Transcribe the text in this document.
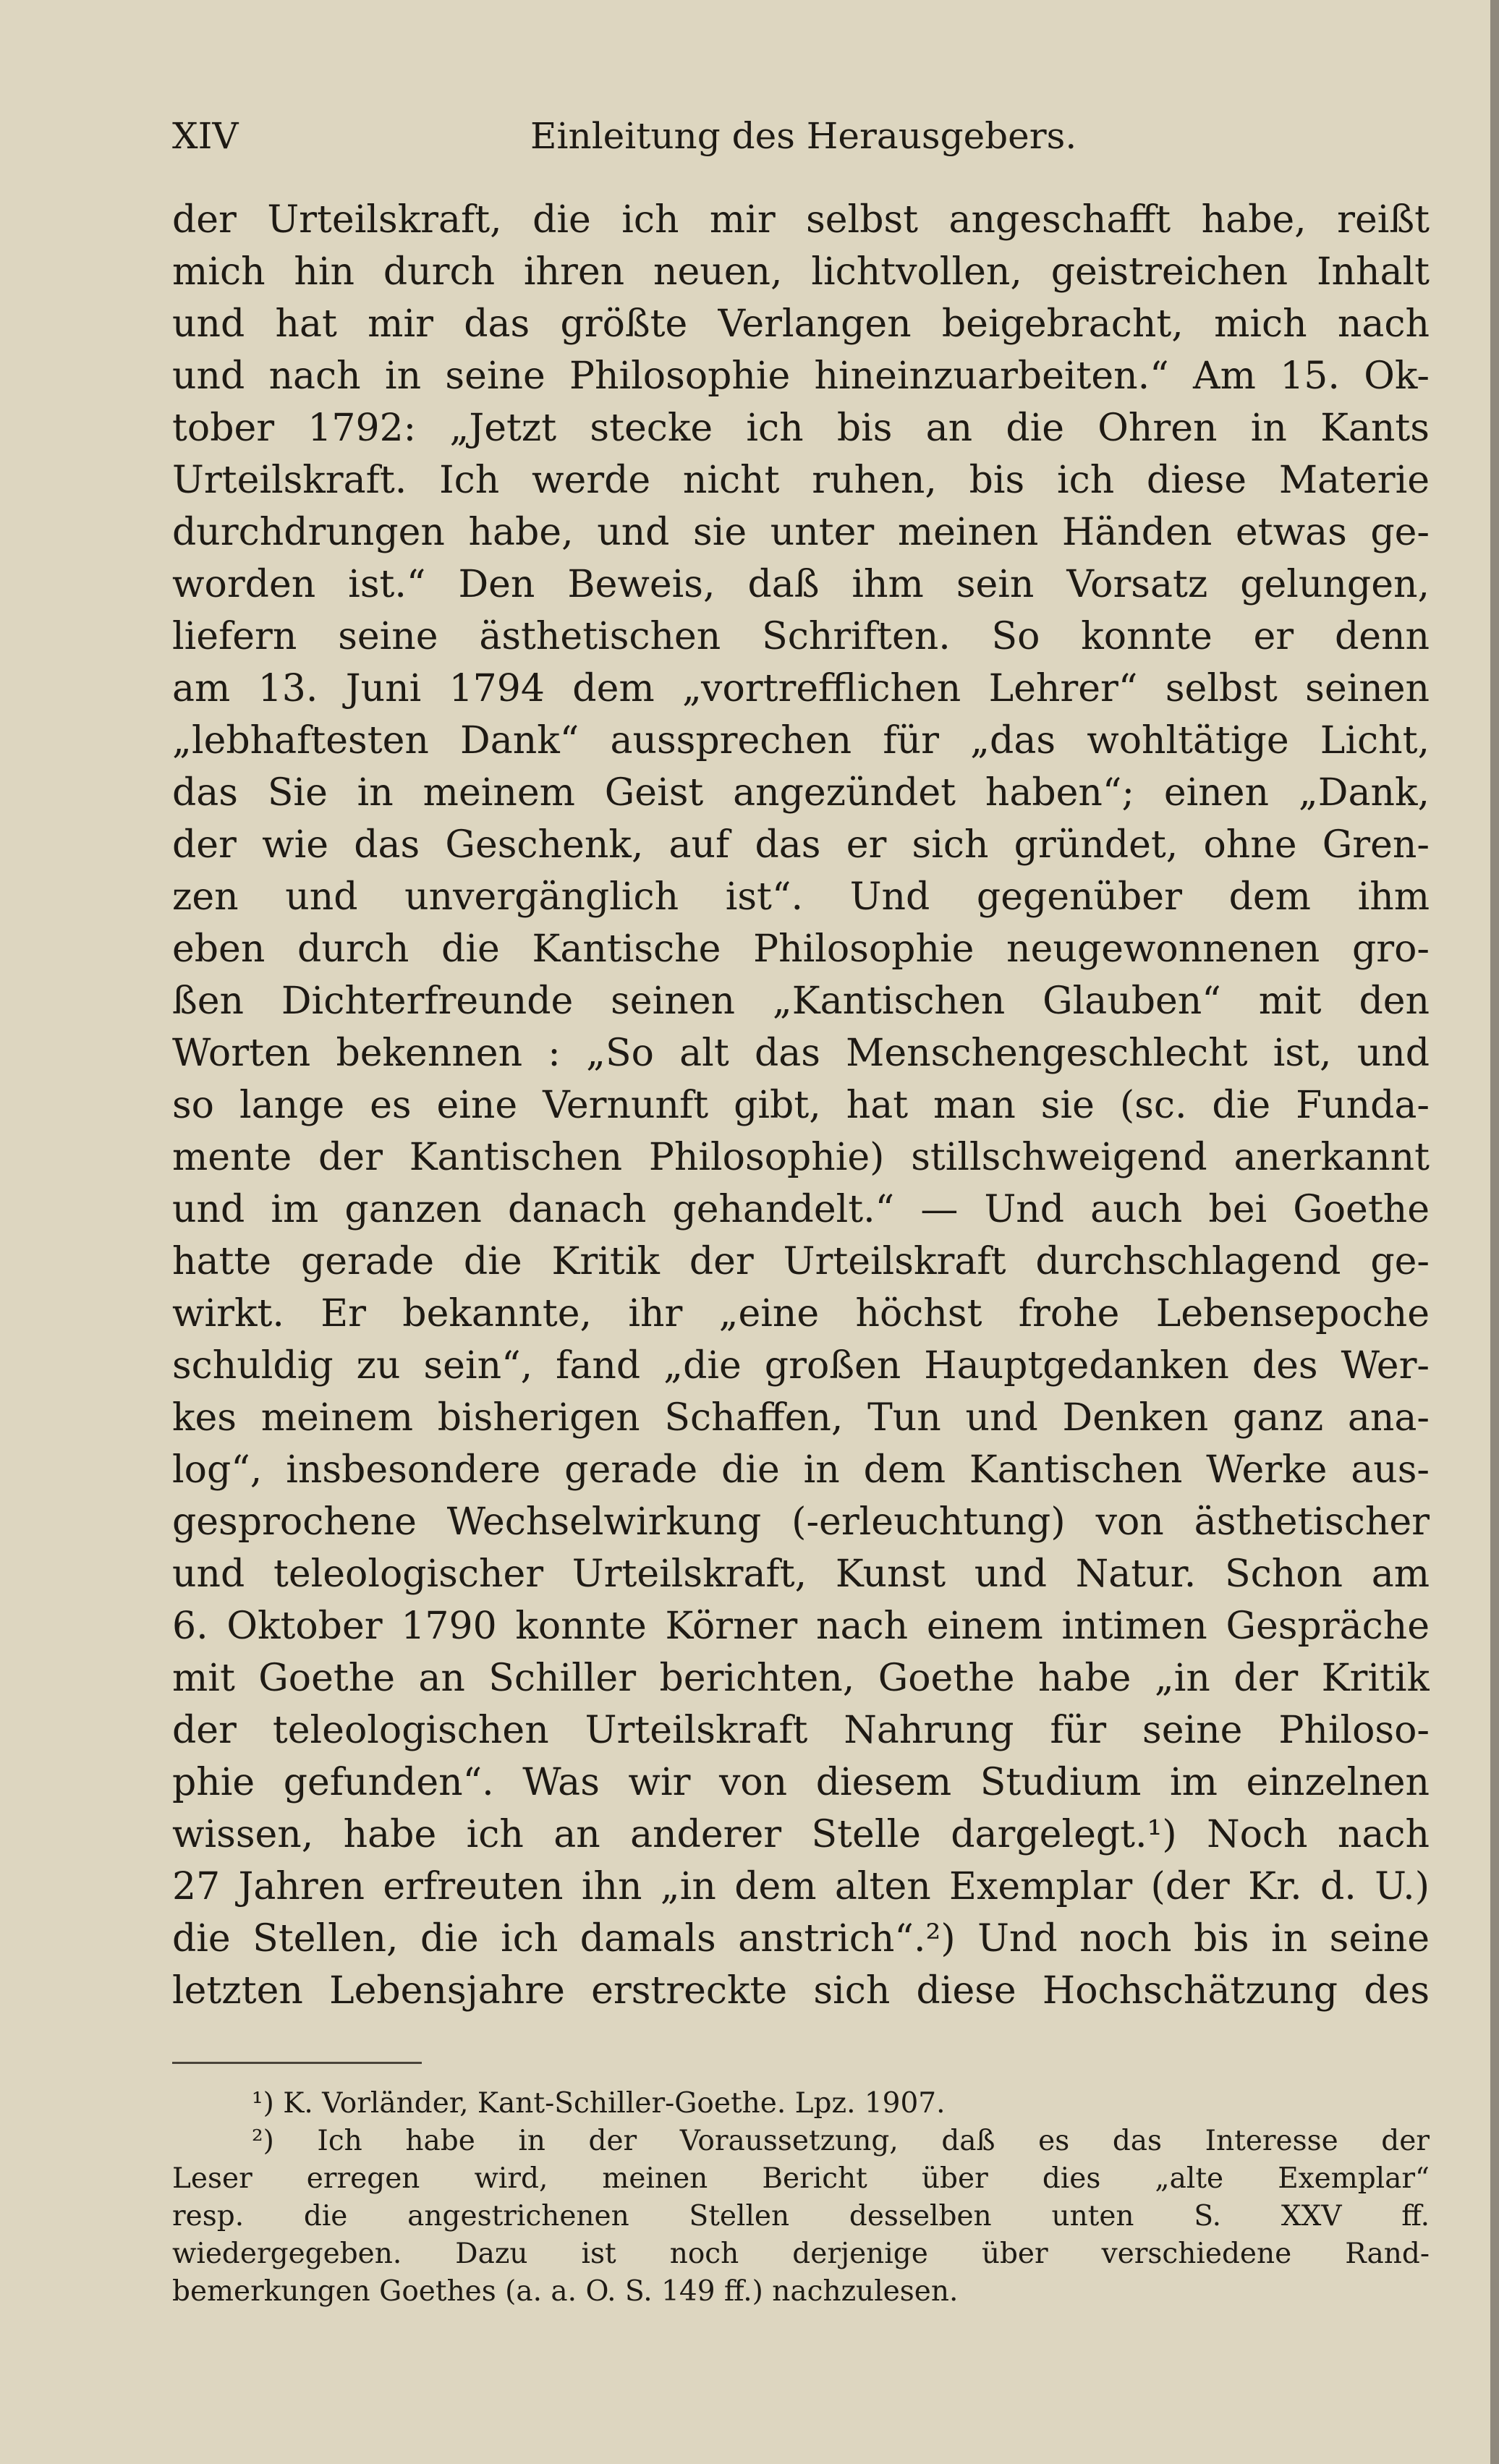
XIV	Einleitung des Herausgebers.
der Urteilskraft, die ich mir selbst angeschafft habe, reißt
mich hin durch ihren neuen, lichtvollen, geistreichen Inhalt
und hat mir das größte Verlangen beigebracht, mich nach
und nach in seine Philosophie hineinzuarbeiten.“ Am 15. Ok-
tober 1792: „Jetzt stecke ich bis an die Ohren in Kants
Urteilskraft. Ich werde nicht ruhen, bis ich diese Materie
durchdrungen habe, und sie unter meinen Händen etwas ge-
worden ist.“ Den Beweis, daß ihm sein Vorsatz gelungen,
liefern seine ästhetischen Schriften. So konnte er denn
am 13. Juni 1794 dem „vortrefflichen Lehrer“ selbst seinen
„lebhaftesten Dank“ aussprechen für „das wohltätige Licht,
das Sie in meinem Geist angezündet haben“; einen „Dank,
der wie das Geschenk, auf das er sich gründet, ohne Gren-
zen und unvergänglich ist“. Und gegenüber dem ihm
eben durch die Kantische Philosophie neugewonnenen gro-
ßen Dichterfreunde seinen „Kantischen Glauben“ mit den
Worten bekennen : „So alt das Menschengeschlecht ist, und
so lange es eine Vernunft gibt, hat man sie (sc. die Funda-
mente der Kantischen Philosophie) stillschweigend anerkannt
und im ganzen danach gehandelt.“ — Und auch bei Goethe
hatte gerade die Kritik der Urteilskraft durchschlagend ge-
wirkt. Er bekannte, ihr „eine höchst frohe Lebensepoche
schuldig zu sein“, fand „die großen Hauptgedanken des Wer-
kes meinem bisherigen Schaffen, Tun und Denken ganz ana-
log“, insbesondere gerade die in dem Kantischen Werke aus-
gesprochene Wechselwirkung (-erleuchtung) von ästhetischer
und teleologischer Urteilskraft, Kunst und Natur. Schon am
6. Oktober 1790 konnte Körner nach einem intimen Gespräche
mit Goethe an Schiller berichten, Goethe habe „in der Kritik
der teleologischen Urteilskraft Nahrung für seine Philoso-
phie gefunden“. Was wir von diesem Studium im einzelnen
wissen, habe ich an anderer Stelle dargelegt.¹) Noch nach
27 Jahren erfreuten ihn „in dem alten Exemplar (der Kr. d. U.)
die Stellen, die ich damals anstrich“.²) Und noch bis in seine
letzten Lebensjahre erstreckte sich diese Hochschätzung des
¹) K. Vorländer, Kant-Schiller-Goethe. Lpz. 1907.
²) Ich habe in der Voraussetzung, daß es das Interesse der
Leser erregen wird, meinen Bericht über dies „alte Exemplar“
resp. die angestrichenen Stellen desselben unten S. XXV ff.
wiedergegeben. Dazu ist noch derjenige über verschiedene Rand-
bemerkungen Goethes (a. a. O. S. 149 ff.) nachzulesen.
